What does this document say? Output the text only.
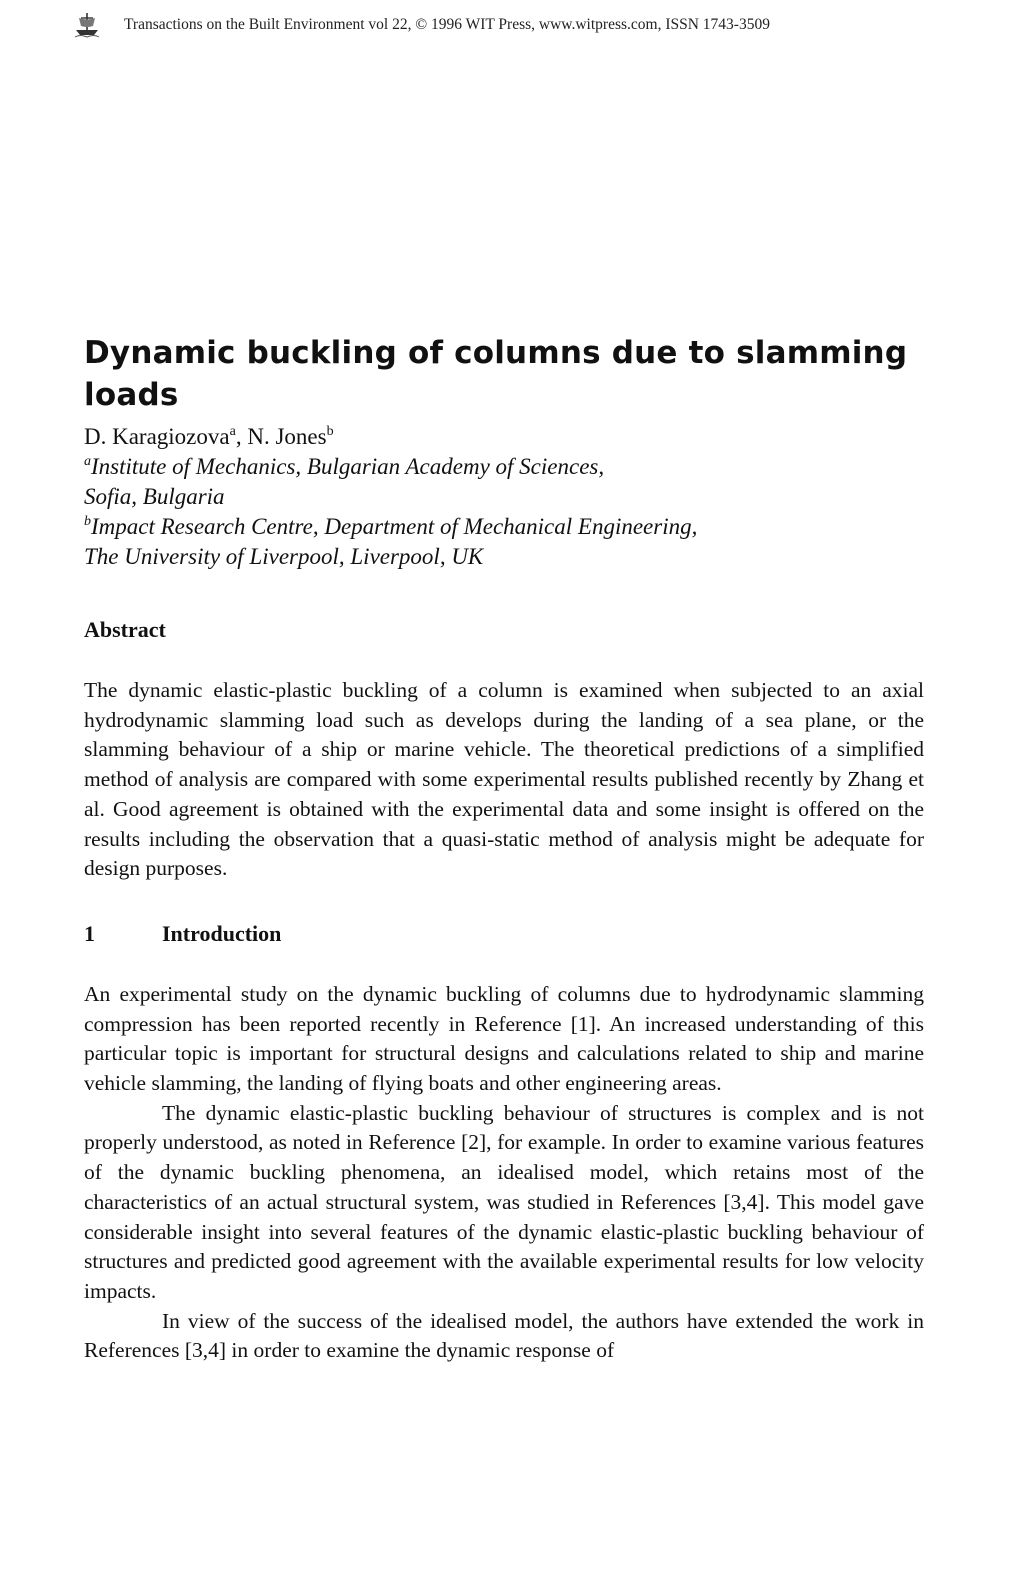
Transactions on the Built Environment vol 22, © 1996 WIT Press, www.witpress.com, ISSN 1743-3509
Dynamic buckling of columns due to slamming loads
D. Karagiozova$^a$, N. Jones$^b$
$^a$Institute of Mechanics, Bulgarian Academy of Sciences,
Sofia, Bulgaria
$^b$Impact Research Centre, Department of Mechanical Engineering,
The University of Liverpool, Liverpool, UK
Abstract

The dynamic elastic-plastic buckling of a column is examined when subjected to an axial hydrodynamic slamming load such as develops during the landing of a sea plane, or the slamming behaviour of a ship or marine vehicle. The theoretical predictions of a simplified method of analysis are compared with some experimental results published recently by Zhang et al. Good agreement is obtained with the experimental data and some insight is offered on the results including the observation that a quasi-static method of analysis might be adequate for design purposes.

1	Introduction

An experimental study on the dynamic buckling of columns due to hydrodynamic slamming compression has been reported recently in Reference [1]. An increased understanding of this particular topic is important for structural designs and calculations related to ship and marine vehicle slamming, the landing of flying boats and other engineering areas.

The dynamic elastic-plastic buckling behaviour of structures is complex and is not properly understood, as noted in Reference [2], for example. In order to examine various features of the dynamic buckling phenomena, an idealised model, which retains most of the characteristics of an actual structural system, was studied in References [3,4]. This model gave considerable insight into several features of the dynamic elastic-plastic buckling behaviour of structures and predicted good agreement with the available experimental results for low velocity impacts.

In view of the success of the idealised model, the authors have extended the work in References [3,4] in order to examine the dynamic response of
